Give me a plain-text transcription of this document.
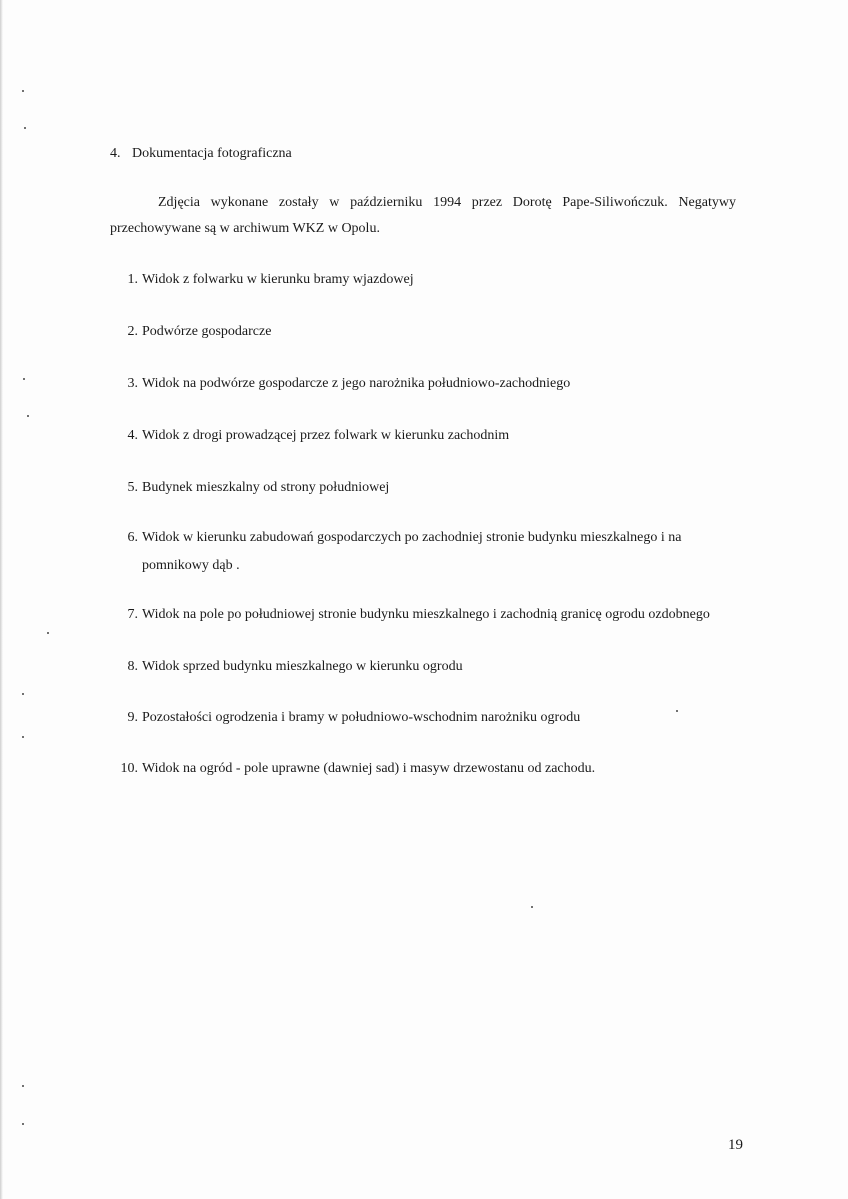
4. Dokumentacja fotograficzna
Zdjęcia wykonane zostały w październiku 1994 przez Dorotę Pape-Siliwończuk. Negatywy
przechowywane są w archiwum WKZ w Opolu.
1. Widok z folwarku w kierunku bramy wjazdowej
2. Podwórze gospodarcze
3. Widok na podwórze gospodarcze z jego narożnika południowo-zachodniego
4. Widok z drogi prowadzącej przez folwark w kierunku zachodnim
5. Budynek mieszkalny od strony południowej
6. Widok w kierunku zabudowań gospodarczych po zachodniej stronie budynku mieszkalnego i na
pomnikowy dąb .
7. Widok na pole po południowej stronie budynku mieszkalnego i zachodnią granicę ogrodu ozdobnego
8. Widok sprzed budynku mieszkalnego w kierunku ogrodu
9. Pozostałości ogrodzenia i bramy w południowo-wschodnim narożniku ogrodu
10. Widok na ogród - pole uprawne (dawniej sad) i masyw drzewostanu od zachodu.
19
